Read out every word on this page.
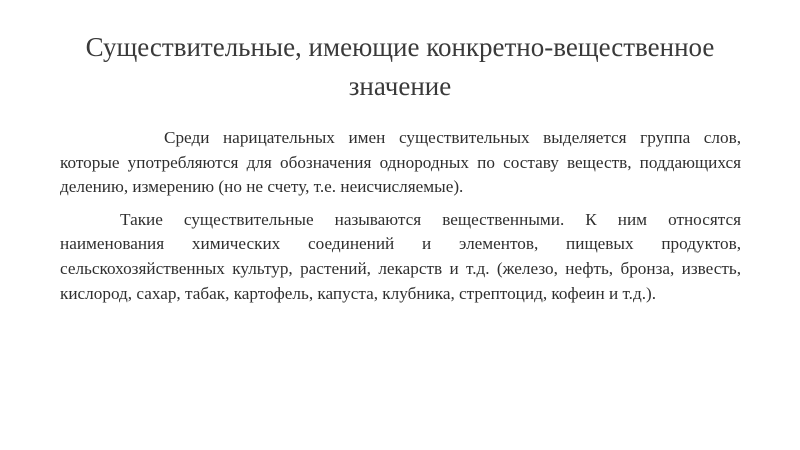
Существительные, имеющие конкретно-вещественное значение

Среди нарицательных имен существительных выделяется группа слов, которые употребляются для обозначения однородных по составу веществ, поддающихся делению, измерению (но не счету, т.е. неисчисляемые).

Такие существительные называются вещественными. К ним относятся наименования химических соединений и элементов, пищевых продуктов, сельскохозяйственных культур, растений, лекарств и т.д. (железо, нефть, бронза, известь, кислород, сахар, табак, картофель, капуста, клубника, стрептоцид, кофеин и т.д.).
